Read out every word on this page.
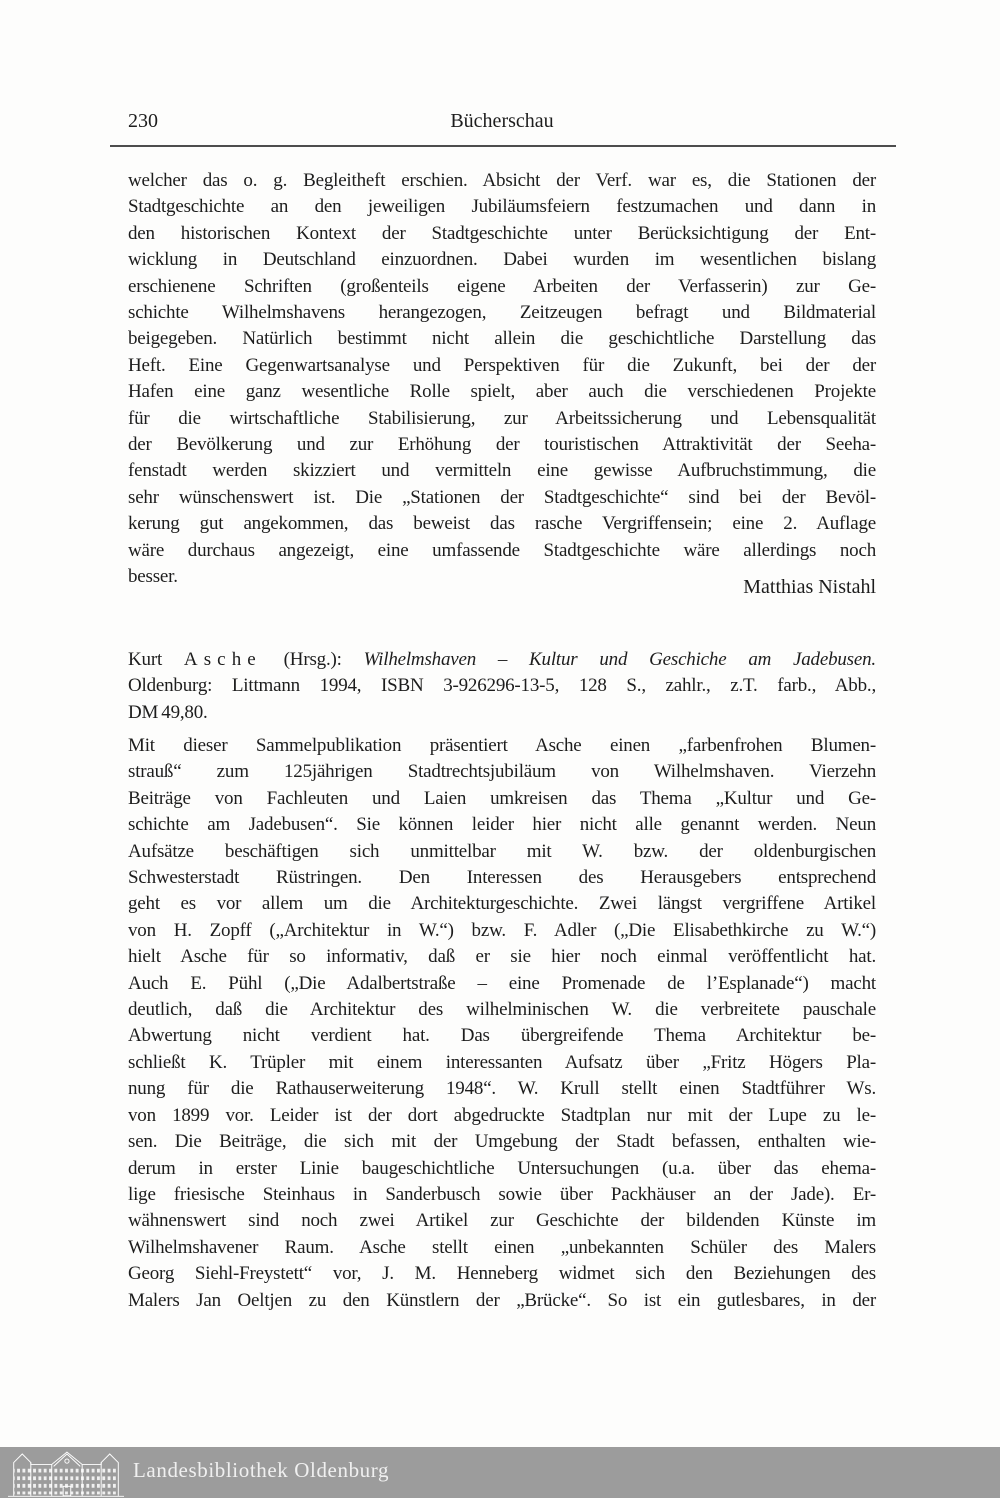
230	Bücherschau
welcher das o. g. Begleitheft erschien. Absicht der Verf. war es, die Stationen der
Stadtgeschichte an den jeweiligen Jubiläumsfeiern festzumachen und dann in
den historischen Kontext der Stadtgeschichte unter Berücksichtigung der Ent-
wicklung in Deutschland einzuordnen. Dabei wurden im wesentlichen bislang
erschienene Schriften (großenteils eigene Arbeiten der Verfasserin) zur Ge-
schichte Wilhelmshavens herangezogen, Zeitzeugen befragt und Bildmaterial
beigegeben. Natürlich bestimmt nicht allein die geschichtliche Darstellung das
Heft. Eine Gegenwartsanalyse und Perspektiven für die Zukunft, bei der der
Hafen eine ganz wesentliche Rolle spielt, aber auch die verschiedenen Projekte
für die wirtschaftliche Stabilisierung, zur Arbeitssicherung und Lebensqualität
der Bevölkerung und zur Erhöhung der touristischen Attraktivität der Seeha-
fenstadt werden skizziert und vermitteln eine gewisse Aufbruchstimmung, die
sehr wünschenswert ist. Die „Stationen der Stadtgeschichte“ sind bei der Bevöl-
kerung gut angekommen, das beweist das rasche Vergriffensein; eine 2. Auflage
wäre durchaus angezeigt, eine umfassende Stadtgeschichte wäre allerdings noch
besser.	Matthias Nistahl
Kurt Asche (Hrsg.): Wilhelmshaven – Kultur und Geschiche am Jadebusen.
Oldenburg: Littmann 1994, ISBN 3-926296-13-5, 128 S., zahlr., z.T. farb., Abb.,
DM 49,80.
Mit dieser Sammelpublikation präsentiert Asche einen „farbenfrohen Blumen-
strauß“ zum 125jährigen Stadtrechtsjubiläum von Wilhelmshaven. Vierzehn
Beiträge von Fachleuten und Laien umkreisen das Thema „Kultur und Ge-
schichte am Jadebusen“. Sie können leider hier nicht alle genannt werden. Neun
Aufsätze beschäftigen sich unmittelbar mit W. bzw. der oldenburgischen
Schwesterstadt Rüstringen. Den Interessen des Herausgebers entsprechend
geht es vor allem um die Architekturgeschichte. Zwei längst vergriffene Artikel
von H. Zopff („Architektur in W.“) bzw. F. Adler („Die Elisabethkirche zu W.“)
hielt Asche für so informativ, daß er sie hier noch einmal veröffentlicht hat.
Auch E. Pühl („Die Adalbertstraße – eine Promenade de l’Esplanade“) macht
deutlich, daß die Architektur des wilhelminischen W. die verbreitete pauschale
Abwertung nicht verdient hat. Das übergreifende Thema Architektur be-
schließt K. Trüpler mit einem interessanten Aufsatz über „Fritz Högers Pla-
nung für die Rathauserweiterung 1948“. W. Krull stellt einen Stadtführer Ws.
von 1899 vor. Leider ist der dort abgedruckte Stadtplan nur mit der Lupe zu le-
sen. Die Beiträge, die sich mit der Umgebung der Stadt befassen, enthalten wie-
derum in erster Linie baugeschichtliche Untersuchungen (u.a. über das ehema-
lige friesische Steinhaus in Sanderbusch sowie über Packhäuser an der Jade). Er-
wähnenswert sind noch zwei Artikel zur Geschichte der bildenden Künste im
Wilhelmshavener Raum. Asche stellt einen „unbekannten Schüler des Malers
Georg Siehl-Freystett“ vor, J. M. Henneberg widmet sich den Beziehungen des
Malers Jan Oeltjen zu den Künstlern der „Brücke“. So ist ein gutlesbares, in der
Landesbibliothek Oldenburg
